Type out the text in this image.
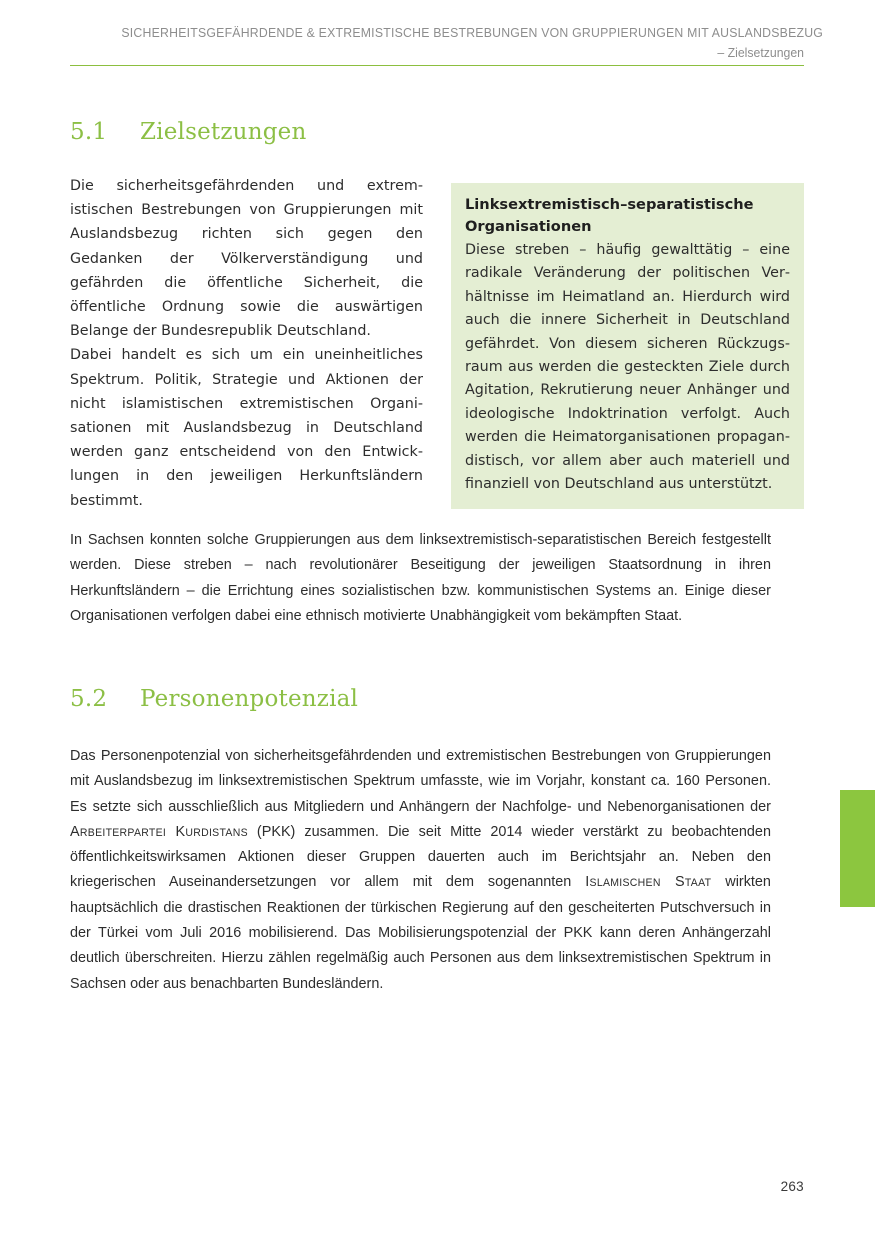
SICHERHEITSGEFÄHRDENDE & EXTREMISTISCHE BESTREBUNGEN VON GRUPPIERUNGEN MIT AUSLANDSBEZUG
– Zielsetzungen
5.1 Zielsetzungen

Die sicherheitsgefährdenden und extremistischen Bestrebungen von Gruppierungen mit Auslandsbezug richten sich gegen den Gedanken der Völkerverständigung und gefährden die öffentliche Sicherheit, die öffentliche Ordnung sowie die auswärtigen Belange der Bundesrepublik Deutschland.

Dabei handelt es sich um ein uneinheitliches Spektrum. Politik, Strategie und Aktionen der nicht islamistischen extremistischen Organisationen mit Auslandsbezug in Deutschland werden ganz entscheidend von den Entwicklungen in den jeweiligen Herkunftsländern bestimmt.

Linksextremistisch–separatistische Organisationen
Diese streben – häufig gewalttätig – eine radikale Veränderung der politischen Verhältnisse im Heimatland an. Hierdurch wird auch die innere Sicherheit in Deutschland gefährdet. Von diesem sicheren Rückzugsraum aus werden die gesteckten Ziele durch Agitation, Rekrutierung neuer Anhänger und ideologische Indoktrination verfolgt. Auch werden die Heimatorganisationen propagandistisch, vor allem aber auch materiell und finanziell von Deutschland aus unterstützt.

In Sachsen konnten solche Gruppierungen aus dem linksextremistisch-separatistischen Bereich festgestellt werden. Diese streben – nach revolutionärer Beseitigung der jeweiligen Staatsordnung in ihren Herkunftsländern – die Errichtung eines sozialistischen bzw. kommunistischen Systems an. Einige dieser Organisationen verfolgen dabei eine ethnisch motivierte Unabhängigkeit vom bekämpften Staat.

5.2 Personenpotenzial

Das Personenpotenzial von sicherheitsgefährdenden und extremistischen Bestrebungen von Gruppierungen mit Auslandsbezug im linksextremistischen Spektrum umfasste, wie im Vorjahr, konstant ca. 160 Personen. Es setzte sich ausschließlich aus Mitgliedern und Anhängern der Nachfolge- und Nebenorganisationen der Arbeiterpartei Kurdistans (PKK) zusammen. Die seit Mitte 2014 wieder verstärkt zu beobachtenden öffentlichkeitswirksamen Aktionen dieser Gruppen dauerten auch im Berichtsjahr an. Neben den kriegerischen Auseinandersetzungen vor allem mit dem sogenannten Islamischen Staat wirkten hauptsächlich die drastischen Reaktionen der türkischen Regierung auf den gescheiterten Putschversuch in der Türkei vom Juli 2016 mobilisierend. Das Mobilisierungspotenzial der PKK kann deren Anhängerzahl deutlich überschreiten. Hierzu zählen regelmäßig auch Personen aus dem linksextremistischen Spektrum in Sachsen oder aus benachbarten Bundesländern.

263
